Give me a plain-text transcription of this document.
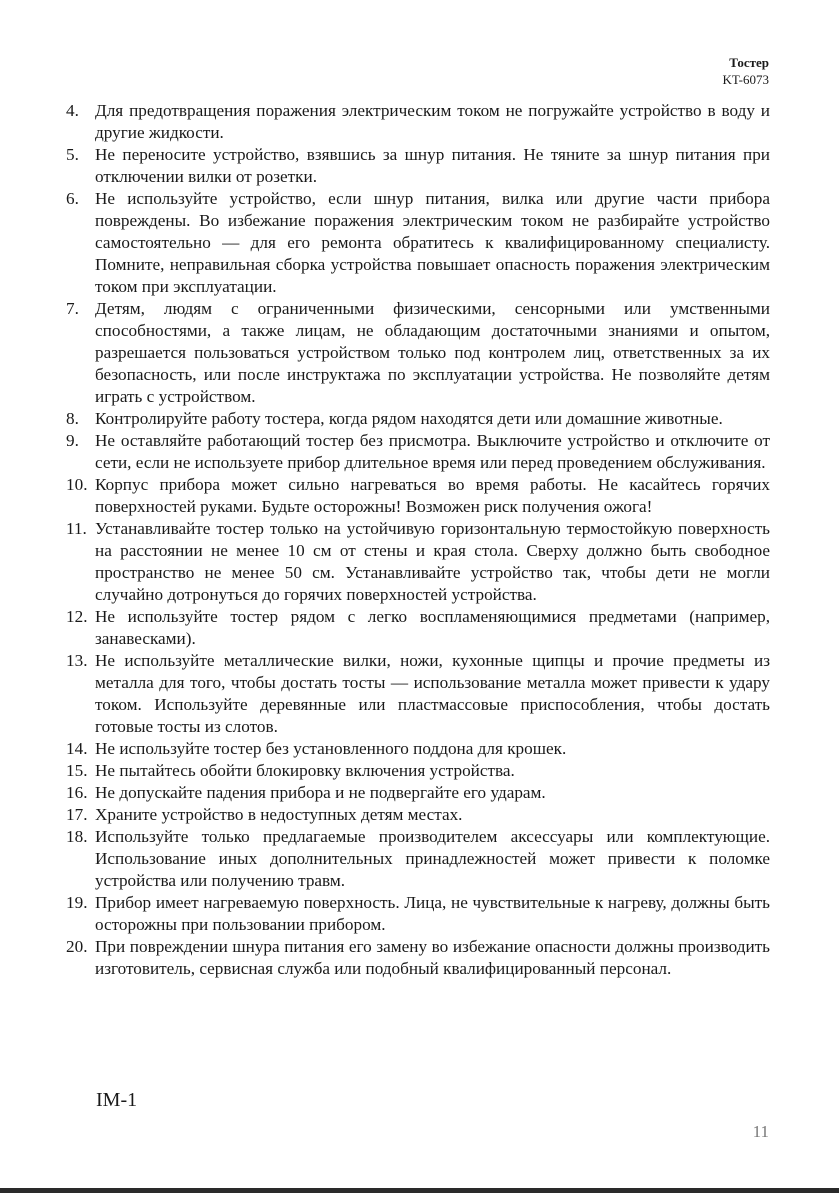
Тостер
KT-6073
4. Для предотвращения поражения электрическим током не погружайте устройство в воду и другие жидкости.
5. Не переносите устройство, взявшись за шнур питания. Не тяните за шнур питания при отключении вилки от розетки.
6. Не используйте устройство, если шнур питания, вилка или другие части прибора повреждены. Во избежание поражения электрическим током не разбирайте устройство самостоятельно — для его ремонта обратитесь к квалифицированному специалисту. Помните, неправильная сборка устройства повышает опасность поражения электрическим током при эксплуатации.
7. Детям, людям с ограниченными физическими, сенсорными или умственными способностями, а также лицам, не обладающим достаточными знаниями и опытом, разрешается пользоваться устройством только под контролем лиц, ответственных за их безопасность, или после инструктажа по эксплуатации устройства. Не позволяйте детям играть с устройством.
8. Контролируйте работу тостера, когда рядом находятся дети или домашние животные.
9. Не оставляйте работающий тостер без присмотра. Выключите устройство и отключите от сети, если не используете прибор длительное время или перед проведением обслуживания.
10. Корпус прибора может сильно нагреваться во время работы. Не касайтесь горячих поверхностей руками. Будьте осторожны! Возможен риск получения ожога!
11. Устанавливайте тостер только на устойчивую горизонтальную термостойкую поверхность на расстоянии не менее 10 см от стены и края стола. Сверху должно быть свободное пространство не менее 50 см. Устанавливайте устройство так, чтобы дети не могли случайно дотронуться до горячих поверхностей устройства.
12. Не используйте тостер рядом с легко воспламеняющимися предметами (например, занавесками).
13. Не используйте металлические вилки, ножи, кухонные щипцы и прочие предметы из металла для того, чтобы достать тосты — использование металла может привести к удару током. Используйте деревянные или пластмассовые приспособления, чтобы достать готовые тосты из слотов.
14. Не используйте тостер без установленного поддона для крошек.
15. Не пытайтесь обойти блокировку включения устройства.
16. Не допускайте падения прибора и не подвергайте его ударам.
17. Храните устройство в недоступных детям местах.
18. Используйте только предлагаемые производителем аксессуары или комплектующие. Использование иных дополнительных принадлежностей может привести к поломке устройства или получению травм.
19. Прибор имеет нагреваемую поверхность. Лица, не чувствительные к нагреву, должны быть осторожны при пользовании прибором.
20. При повреждении шнура питания его замену во избежание опасности должны производить изготовитель, сервисная служба или подобный квалифицированный персонал.
IM-1
11
